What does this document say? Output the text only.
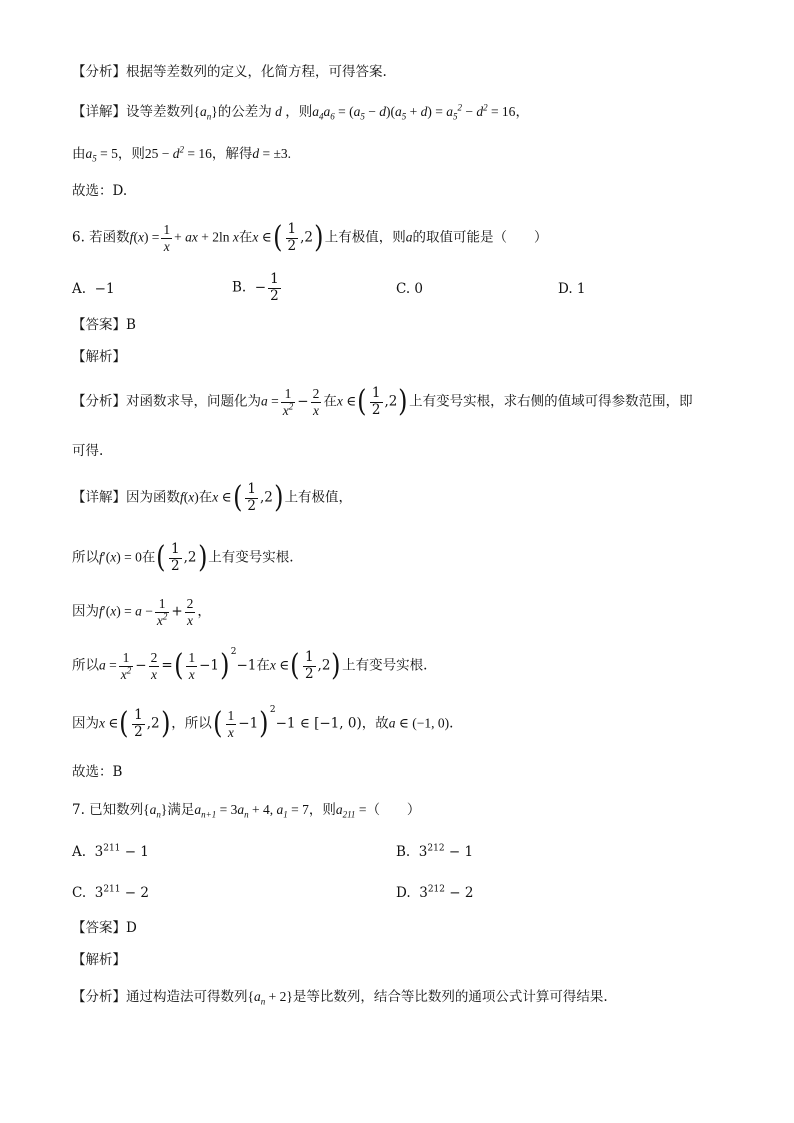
【分析】根据等差数列的定义，化简方程，可得答案.
【详解】设等差数列$\{a_n\}$的公差为 d ，则$a_4a_6 = (a_5 - d)(a_5 + d) = a_5^2 - d^2 = 16$，
由$a_5 = 5$，则$25 - d^2 = 16$，解得d = ±3.
故选：D.
6. 若函数$f(x) = \frac{1}{x}$ + ax + 2ln x在x ∈( $\frac{1}{2} ,2$)上有极值，则a的取值可能是（　　）
A.  −1	B.  − $\frac{1}{2}$	C. 0	D. 1
【答案】B
【解析】
【分析】对函数求导，问题化为$a = \frac{1}{x^2} - \frac{2}{x}$ 在x ∈( $\frac{1}{2} ,2$)上有变号实根，求右侧的值域可得参数范围，即
可得.
【详解】因为函数f(x)在x ∈( $\frac{1}{2} ,2$)上有极值，
所以f′(x) = 0在( $\frac{1}{2} ,2$)上有变号实根.
因为$f'(x) = a - \frac{1}{x^2} + \frac{2}{x}$ ，
所以$a = \frac{1}{x^2} - \frac{2}{x}$ =( $\frac{1}{x} -1)^2-1$在x ∈( $\frac{1}{2} ,2$)上有变号实根.
因为x ∈( $\frac{1}{2} ,2$)，所以( $\frac{1}{x} -1)^2-1$ ∈ [−1, 0)，故a ∈ (−1, 0).
故选：B
7. 已知数列$\{a_n\}$满足$a_{n+1} = 3a_n + 4$, $a_1 = 7$，则$a_{211}$ =（　　）
A.  $3^{211} - 1$	B.  $3^{212} - 1$
C.  $3^{211} - 2$	D.  $3^{212} - 2$
【答案】D
【解析】
【分析】通过构造法可得数列$\{a_n + 2\}$是等比数列，结合等比数列的通项公式计算可得结果.
